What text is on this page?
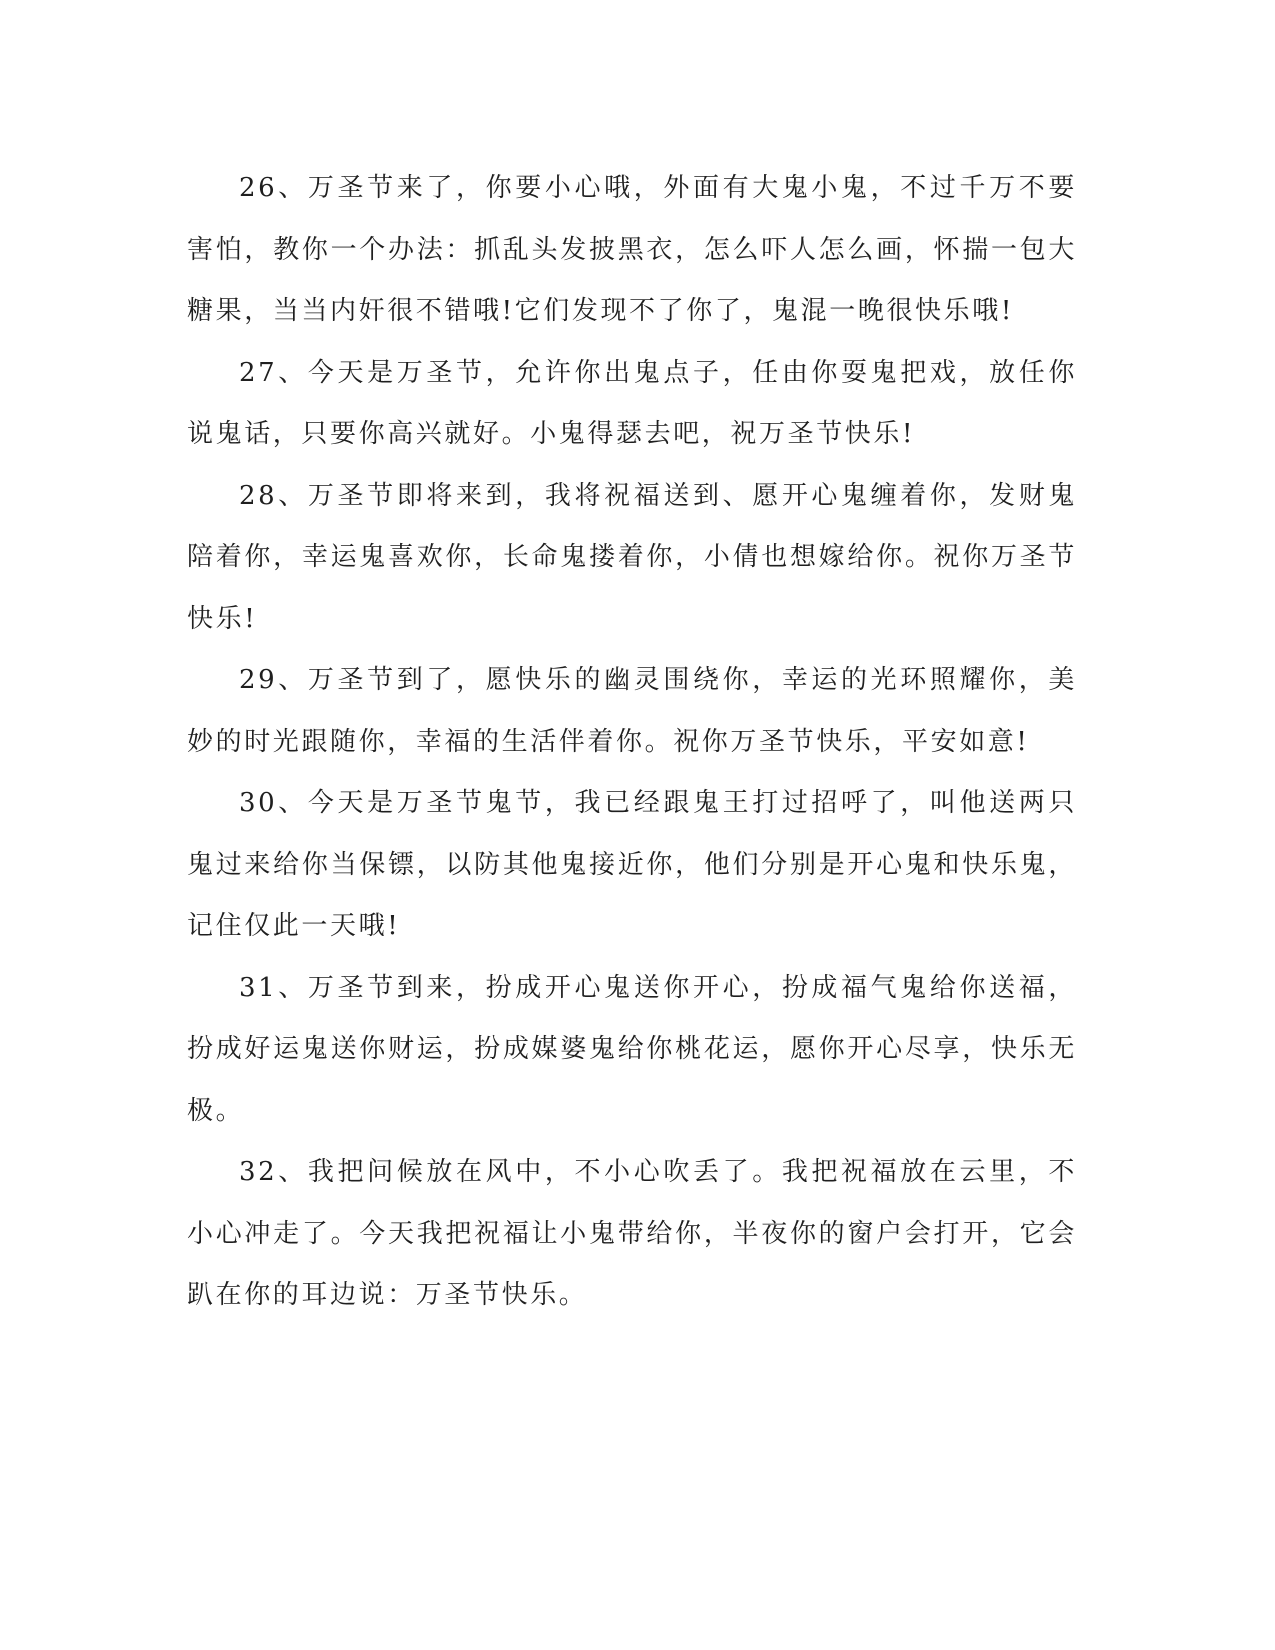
26、万圣节来了，你要小心哦，外面有大鬼小鬼，不过千万不要害怕，教你一个办法：抓乱头发披黑衣，怎么吓人怎么画，怀揣一包大糖果，当当内奸很不错哦!它们发现不了你了，鬼混一晚很快乐哦!

27、今天是万圣节，允许你出鬼点子，任由你耍鬼把戏，放任你说鬼话，只要你高兴就好。小鬼得瑟去吧，祝万圣节快乐!

28、万圣节即将来到，我将祝福送到、愿开心鬼缠着你，发财鬼陪着你，幸运鬼喜欢你，长命鬼搂着你，小倩也想嫁给你。祝你万圣节快乐!

29、万圣节到了，愿快乐的幽灵围绕你，幸运的光环照耀你，美妙的时光跟随你，幸福的生活伴着你。祝你万圣节快乐，平安如意!

30、今天是万圣节鬼节，我已经跟鬼王打过招呼了，叫他送两只鬼过来给你当保镖，以防其他鬼接近你，他们分别是开心鬼和快乐鬼，记住仅此一天哦!

31、万圣节到来，扮成开心鬼送你开心，扮成福气鬼给你送福，扮成好运鬼送你财运，扮成媒婆鬼给你桃花运，愿你开心尽享，快乐无极。

32、我把问候放在风中，不小心吹丢了。我把祝福放在云里，不小心冲走了。今天我把祝福让小鬼带给你，半夜你的窗户会打开，它会趴在你的耳边说：万圣节快乐。
